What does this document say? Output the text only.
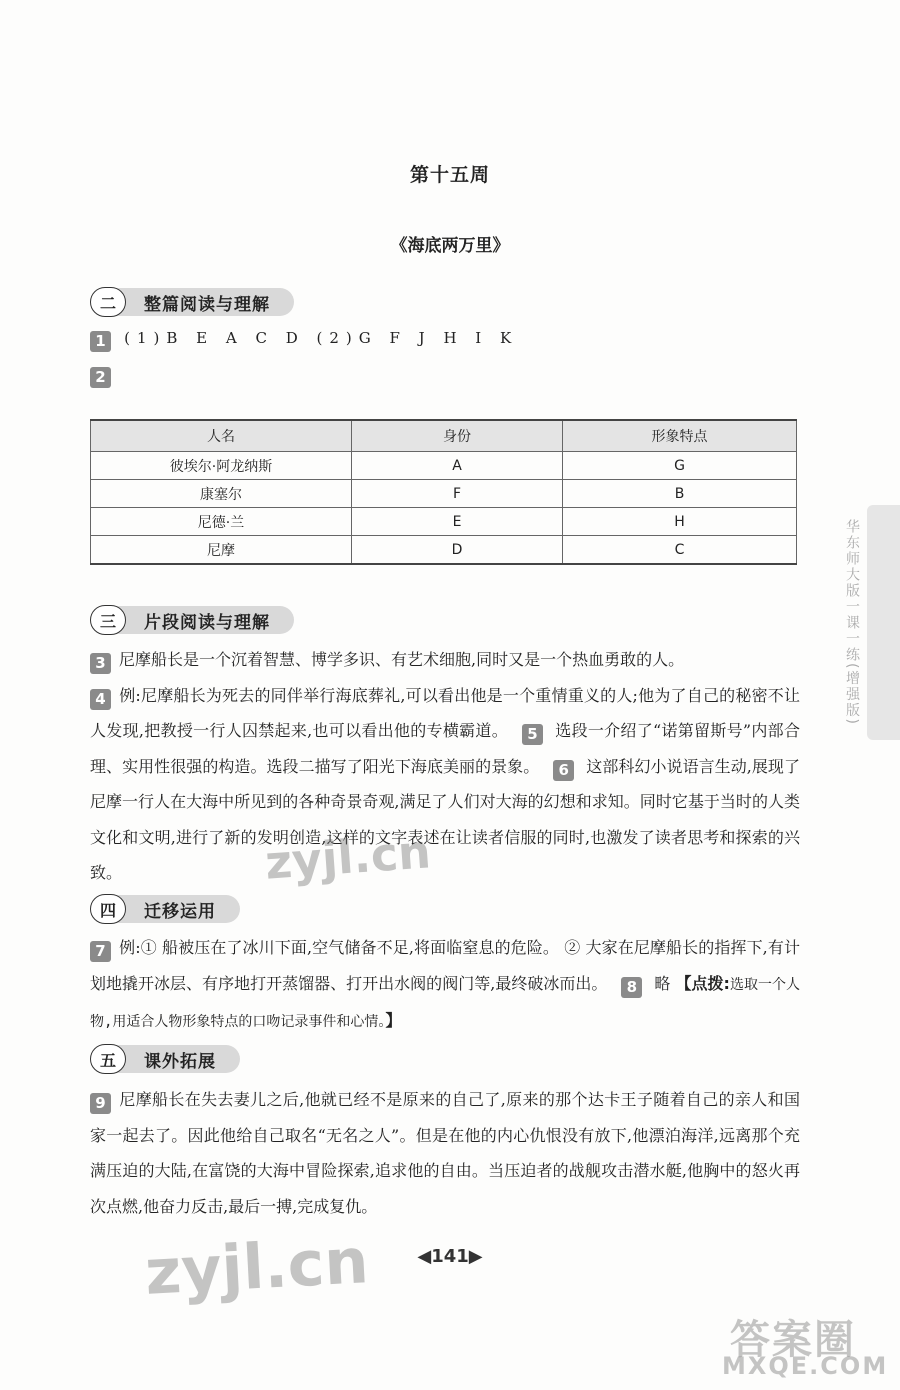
第十五周
《海底两万里》
二	整篇阅读与理解
1 (1)B E A C D (2)G F J H I K
2
人名	身份	形象特点
彼埃尔·阿龙纳斯	A	G
康塞尔	F	B
尼德·兰	E	H
尼摩	D	C
三	片段阅读与理解
3 尼摩船长是一个沉着智慧、博学多识、有艺术细胞,同时又是一个热血勇敢的人。
4 例:尼摩船长为死去的同伴举行海底葬礼,可以看出他是一个重情重义的人;他为了自己的秘密不让人发现,把教授一行人囚禁起来,也可以看出他的专横霸道。 5 选段一介绍了“诺第留斯号”内部合理、实用性很强的构造。选段二描写了阳光下海底美丽的景象。 6 这部科幻小说语言生动,展现了尼摩一行人在大海中所见到的各种奇景奇观,满足了人们对大海的幻想和求知。同时它基于当时的人类文化和文明,进行了新的发明创造,这样的文字表述在让读者信服的同时,也激发了读者思考和探索的兴致。
四	迁移运用
7 例:① 船被压在了冰川下面,空气储备不足,将面临窒息的危险。 ② 大家在尼摩船长的指挥下,有计划地撬开冰层、有序地打开蒸馏器、打开出水阀的阀门等,最终破冰而出。 8 略 【点拨:选取一个人物,用适合人物形象特点的口吻记录事件和心情。】
五	课外拓展
9 尼摩船长在失去妻儿之后,他就已经不是原来的自己了,原来的那个达卡王子随着自己的亲人和国家一起去了。因此他给自己取名“无名之人”。但是在他的内心仇恨没有放下,他漂泊海洋,远离那个充满压迫的大陆,在富饶的大海中冒险探索,追求他的自由。当压迫者的战舰攻击潜水艇,他胸中的怒火再次点燃,他奋力反击,最后一搏,完成复仇。
华东师大版一课一练(增强版)
◀141▶
zyjl.cn
zyjl.cn
答案圈
MXQE.COM
